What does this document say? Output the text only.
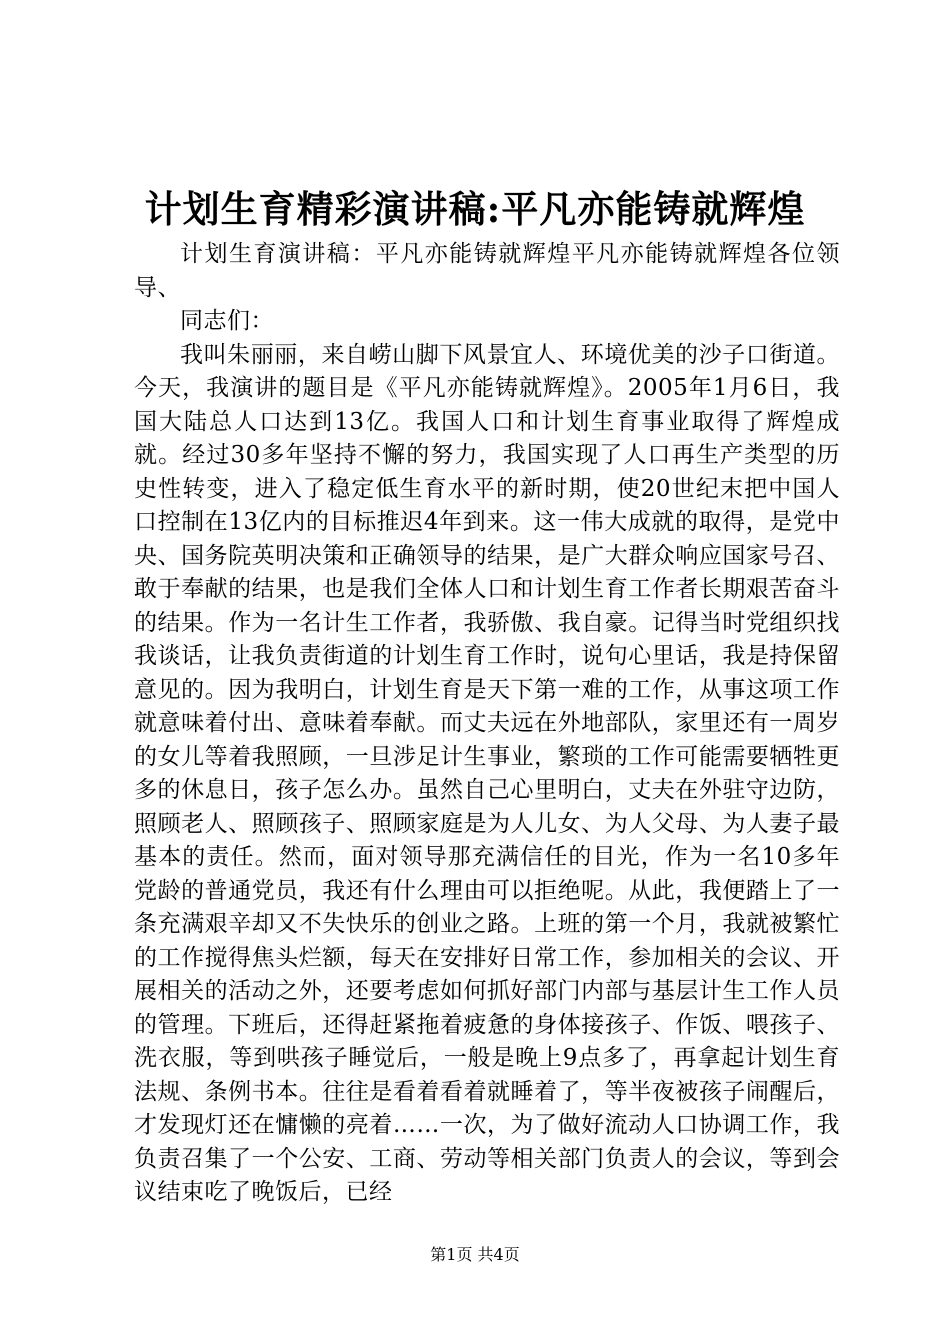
计划生育精彩演讲稿:平凡亦能铸就辉煌

计划生育演讲稿：平凡亦能铸就辉煌平凡亦能铸就辉煌各位领导、

同志们：

我叫朱丽丽，来自崂山脚下风景宜人、环境优美的沙子口街道。今天，我演讲的题目是《平凡亦能铸就辉煌》。2005年1月6日，我国大陆总人口达到13亿。我国人口和计划生育事业取得了辉煌成就。经过30多年坚持不懈的努力，我国实现了人口再生产类型的历史性转变，进入了稳定低生育水平的新时期，使20世纪末把中国人口控制在13亿内的目标推迟4年到来。这一伟大成就的取得，是党中央、国务院英明决策和正确领导的结果，是广大群众响应国家号召、敢于奉献的结果，也是我们全体人口和计划生育工作者长期艰苦奋斗的结果。作为一名计生工作者，我骄傲、我自豪。记得当时党组织找我谈话，让我负责街道的计划生育工作时，说句心里话，我是持保留意见的。因为我明白，计划生育是天下第一难的工作，从事这项工作就意味着付出、意味着奉献。而丈夫远在外地部队，家里还有一周岁的女儿等着我照顾，一旦涉足计生事业，繁琐的工作可能需要牺牲更多的休息日，孩子怎么办。虽然自己心里明白，丈夫在外驻守边防，照顾老人、照顾孩子、照顾家庭是为人儿女、为人父母、为人妻子最基本的责任。然而，面对领导那充满信任的目光，作为一名10多年党龄的普通党员，我还有什么理由可以拒绝呢。从此，我便踏上了一条充满艰辛却又不失快乐的创业之路。上班的第一个月，我就被繁忙的工作搅得焦头烂额，每天在安排好日常工作，参加相关的会议、开展相关的活动之外，还要考虑如何抓好部门内部与基层计生工作人员的管理。下班后，还得赶紧拖着疲惫的身体接孩子、作饭、喂孩子、洗衣服，等到哄孩子睡觉后，一般是晚上9点多了，再拿起计划生育法规、条例书本。往往是看着看着就睡着了，等半夜被孩子闹醒后，才发现灯还在慵懒的亮着……一次，为了做好流动人口协调工作，我负责召集了一个公安、工商、劳动等相关部门负责人的会议，等到会议结束吃了晚饭后，已经

第1页 共4页
